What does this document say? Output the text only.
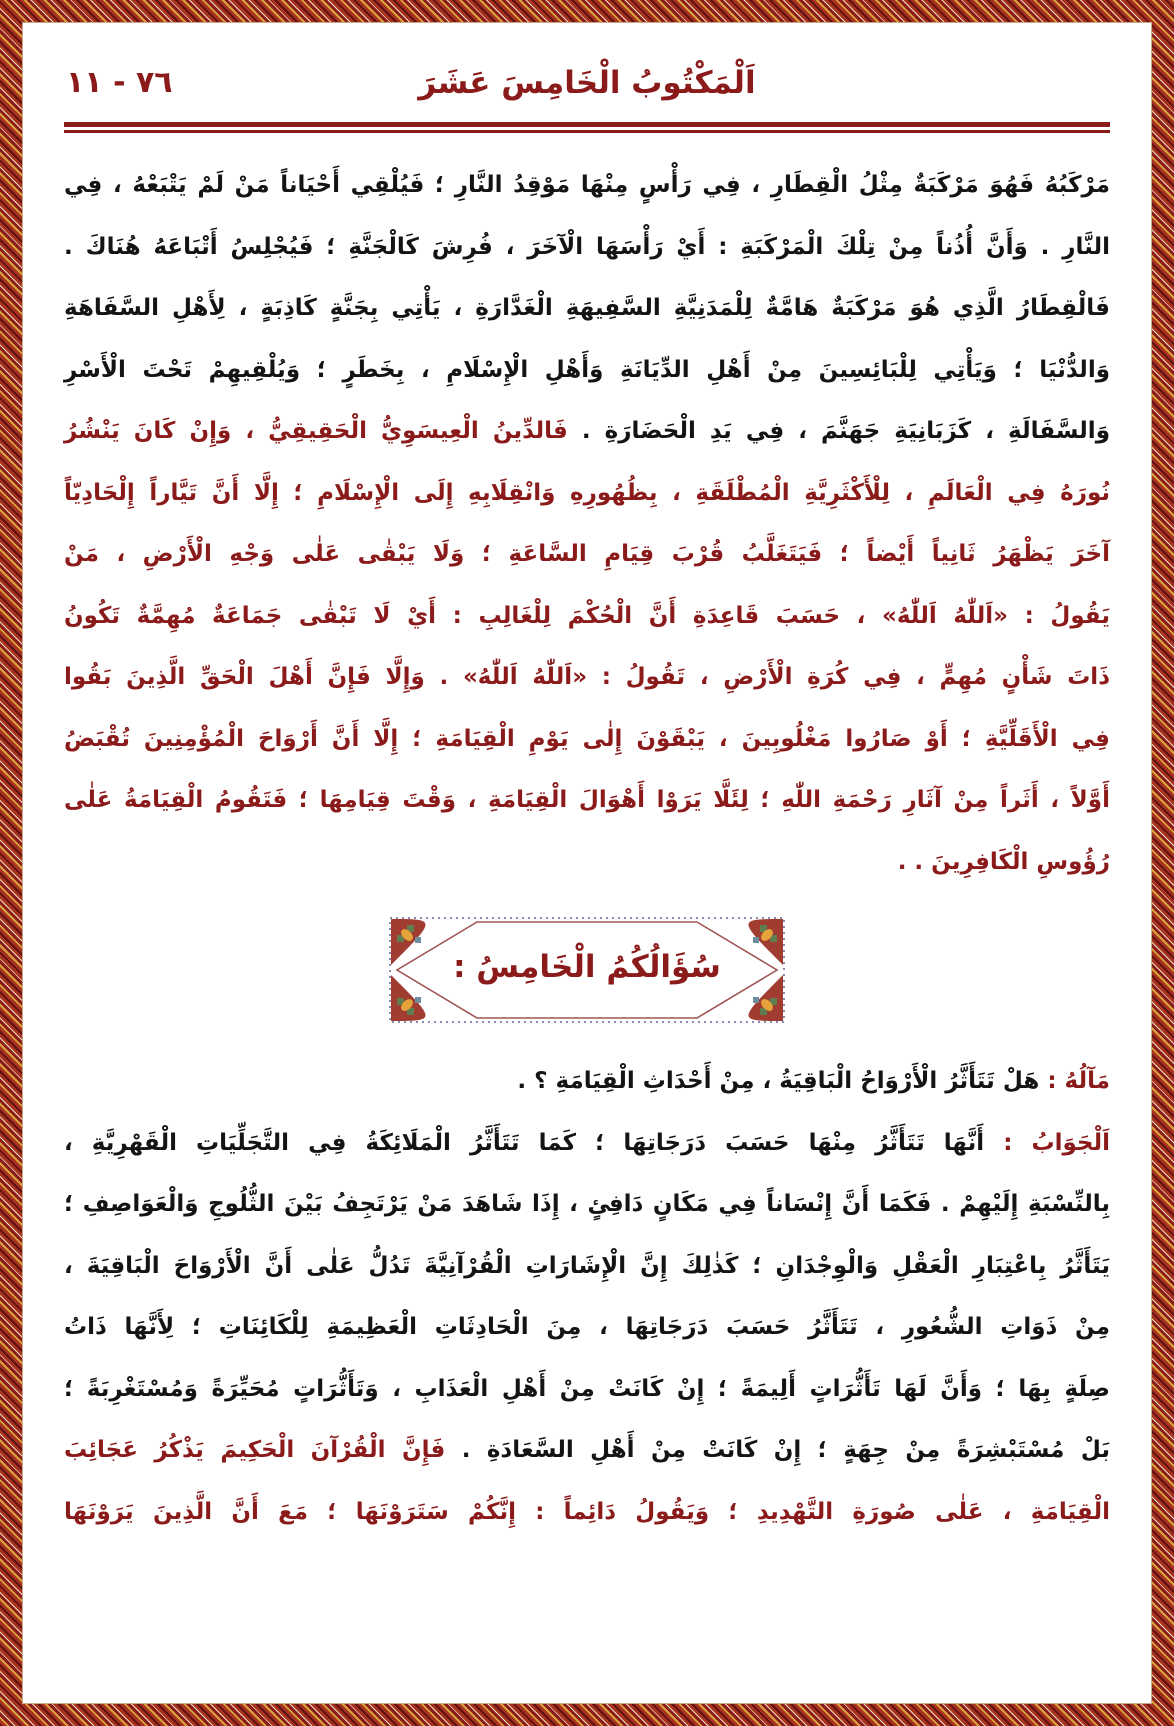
٧٦ - ١١	اَلْمَكْتُوبُ الْخَامِسَ عَشَرَ
مَرْكَبُهُ فَهُوَ مَرْكَبَةٌ مِثْلُ الْقِطَارِ ، فِي رَأْسٍ مِنْهَا مَوْقِدُ النَّارِ ؛ فَيُلْقِي أَحْيَاناً مَنْ لَمْ يَتْبَعْهُ ، فِي
النَّارِ . وَأَنَّ أُذُناً مِنْ تِلْكَ الْمَرْكَبَةِ : أَيْ رَأْسَهَا الْآخَرَ ، فُرِشَ كَالْجَنَّةِ ؛ فَيُجْلِسُ أَتْبَاعَهُ هُنَاكَ .
فَالْقِطَارُ الَّذِي هُوَ مَرْكَبَةٌ هَامَّةٌ لِلْمَدَنِيَّةِ السَّفِيهَةِ الْغَدَّارَةِ ، يَأْتِي بِجَنَّةٍ كَاذِبَةٍ ، لِأَهْلِ السَّفَاهَةِ
وَالدُّنْيَا ؛ وَيَأْتِي لِلْبَائِسِينَ مِنْ أَهْلِ الدِّيَانَةِ وَأَهْلِ الْإِسْلَامِ ، بِخَطَرٍ ؛ وَيُلْقِيهِمْ تَحْتَ الْأَسْرِ
وَالسَّفَالَةِ ، كَزَبَانِيَةِ جَهَنَّمَ ، فِي يَدِ الْحَضَارَةِ . فَالدِّينُ الْعِيسَوِيُّ الْحَقِيقِيُّ ، وَإِنْ كَانَ يَنْشُرُ
نُورَهُ فِي الْعَالَمِ ، لِلْأَكْثَرِيَّةِ الْمُطْلَقَةِ ، بِظُهُورِهِ وَانْقِلَابِهِ إِلَى الْإِسْلَامِ ؛ إِلَّا أَنَّ تَيَّاراً إِلْحَادِيّاً
آخَرَ يَظْهَرُ ثَانِياً أَيْضاً ؛ فَيَتَغَلَّبُ قُرْبَ قِيَامِ السَّاعَةِ ؛ وَلَا يَبْقٰى عَلٰى وَجْهِ الْأَرْضِ ، مَنْ
يَقُولُ : «اَللّٰهُ اَللّٰهُ» ، حَسَبَ قَاعِدَةِ أَنَّ الْحُكْمَ لِلْغَالِبِ : أَيْ لَا تَبْقٰى جَمَاعَةٌ مُهِمَّةٌ تَكُونُ
ذَاتَ شَأْنٍ مُهِمٍّ ، فِي كُرَةِ الْأَرْضِ ، تَقُولُ : «اَللّٰهُ اَللّٰهُ» . وَإِلَّا فَإِنَّ أَهْلَ الْحَقِّ الَّذِينَ بَقُوا
فِي الْأَقَلِّيَّةِ ؛ أَوْ صَارُوا مَغْلُوبِينَ ، يَبْقَوْنَ إِلٰى يَوْمِ الْقِيَامَةِ ؛ إِلَّا أَنَّ أَرْوَاحَ الْمُؤْمِنِينَ تُقْبَضُ
أَوَّلاً ، أَثَراً مِنْ آثَارِ رَحْمَةِ اللّٰهِ ؛ لِئَلَّا يَرَوْا أَهْوَالَ الْقِيَامَةِ ، وَقْتَ قِيَامِهَا ؛ فَتَقُومُ الْقِيَامَةُ عَلٰى
رُؤُوسِ الْكَافِرِينَ . .
سُؤَالُكُمُ الْخَامِسُ :
مَآلُهُ : هَلْ تَتَأَثَّرُ الْأَرْوَاحُ الْبَاقِيَةُ ، مِنْ أَحْدَاثِ الْقِيَامَةِ ؟ .
اَلْجَوَابُ : أَنَّهَا تَتَأَثَّرُ مِنْهَا حَسَبَ دَرَجَاتِهَا ؛ كَمَا تَتَأَثَّرُ الْمَلَائِكَةُ فِي التَّجَلِّيَاتِ الْقَهْرِيَّةِ ،
بِالنِّسْبَةِ إِلَيْهِمْ . فَكَمَا أَنَّ إِنْسَاناً فِي مَكَانٍ دَافِئٍ ، إِذَا شَاهَدَ مَنْ يَرْتَجِفُ بَيْنَ الثُّلُوجِ وَالْعَوَاصِفِ ؛
يَتَأَثَّرُ بِاعْتِبَارِ الْعَقْلِ وَالْوِجْدَانِ ؛ كَذٰلِكَ إِنَّ الْإِشَارَاتِ الْقُرْآنِيَّةَ تَدُلُّ عَلٰى أَنَّ الْأَرْوَاحَ الْبَاقِيَةَ ،
مِنْ ذَوَاتِ الشُّعُورِ ، تَتَأَثَّرُ حَسَبَ دَرَجَاتِهَا ، مِنَ الْحَادِثَاتِ الْعَظِيمَةِ لِلْكَائِنَاتِ ؛ لِأَنَّهَا ذَاتُ
صِلَةٍ بِهَا ؛ وَأَنَّ لَهَا تَأَثُّرَاتٍ أَلِيمَةً ؛ إِنْ كَانَتْ مِنْ أَهْلِ الْعَذَابِ ، وَتَأَثُّرَاتٍ مُحَيِّرَةً وَمُسْتَغْرِبَةً ؛
بَلْ مُسْتَبْشِرَةً مِنْ جِهَةٍ ؛ إِنْ كَانَتْ مِنْ أَهْلِ السَّعَادَةِ . فَإِنَّ الْقُرْآنَ الْحَكِيمَ يَذْكُرُ عَجَائِبَ
الْقِيَامَةِ ، عَلٰى صُورَةِ التَّهْدِيدِ ؛ وَيَقُولُ دَائِماً : إِنَّكُمْ سَتَرَوْنَهَا ؛ مَعَ أَنَّ الَّذِينَ يَرَوْنَهَا
